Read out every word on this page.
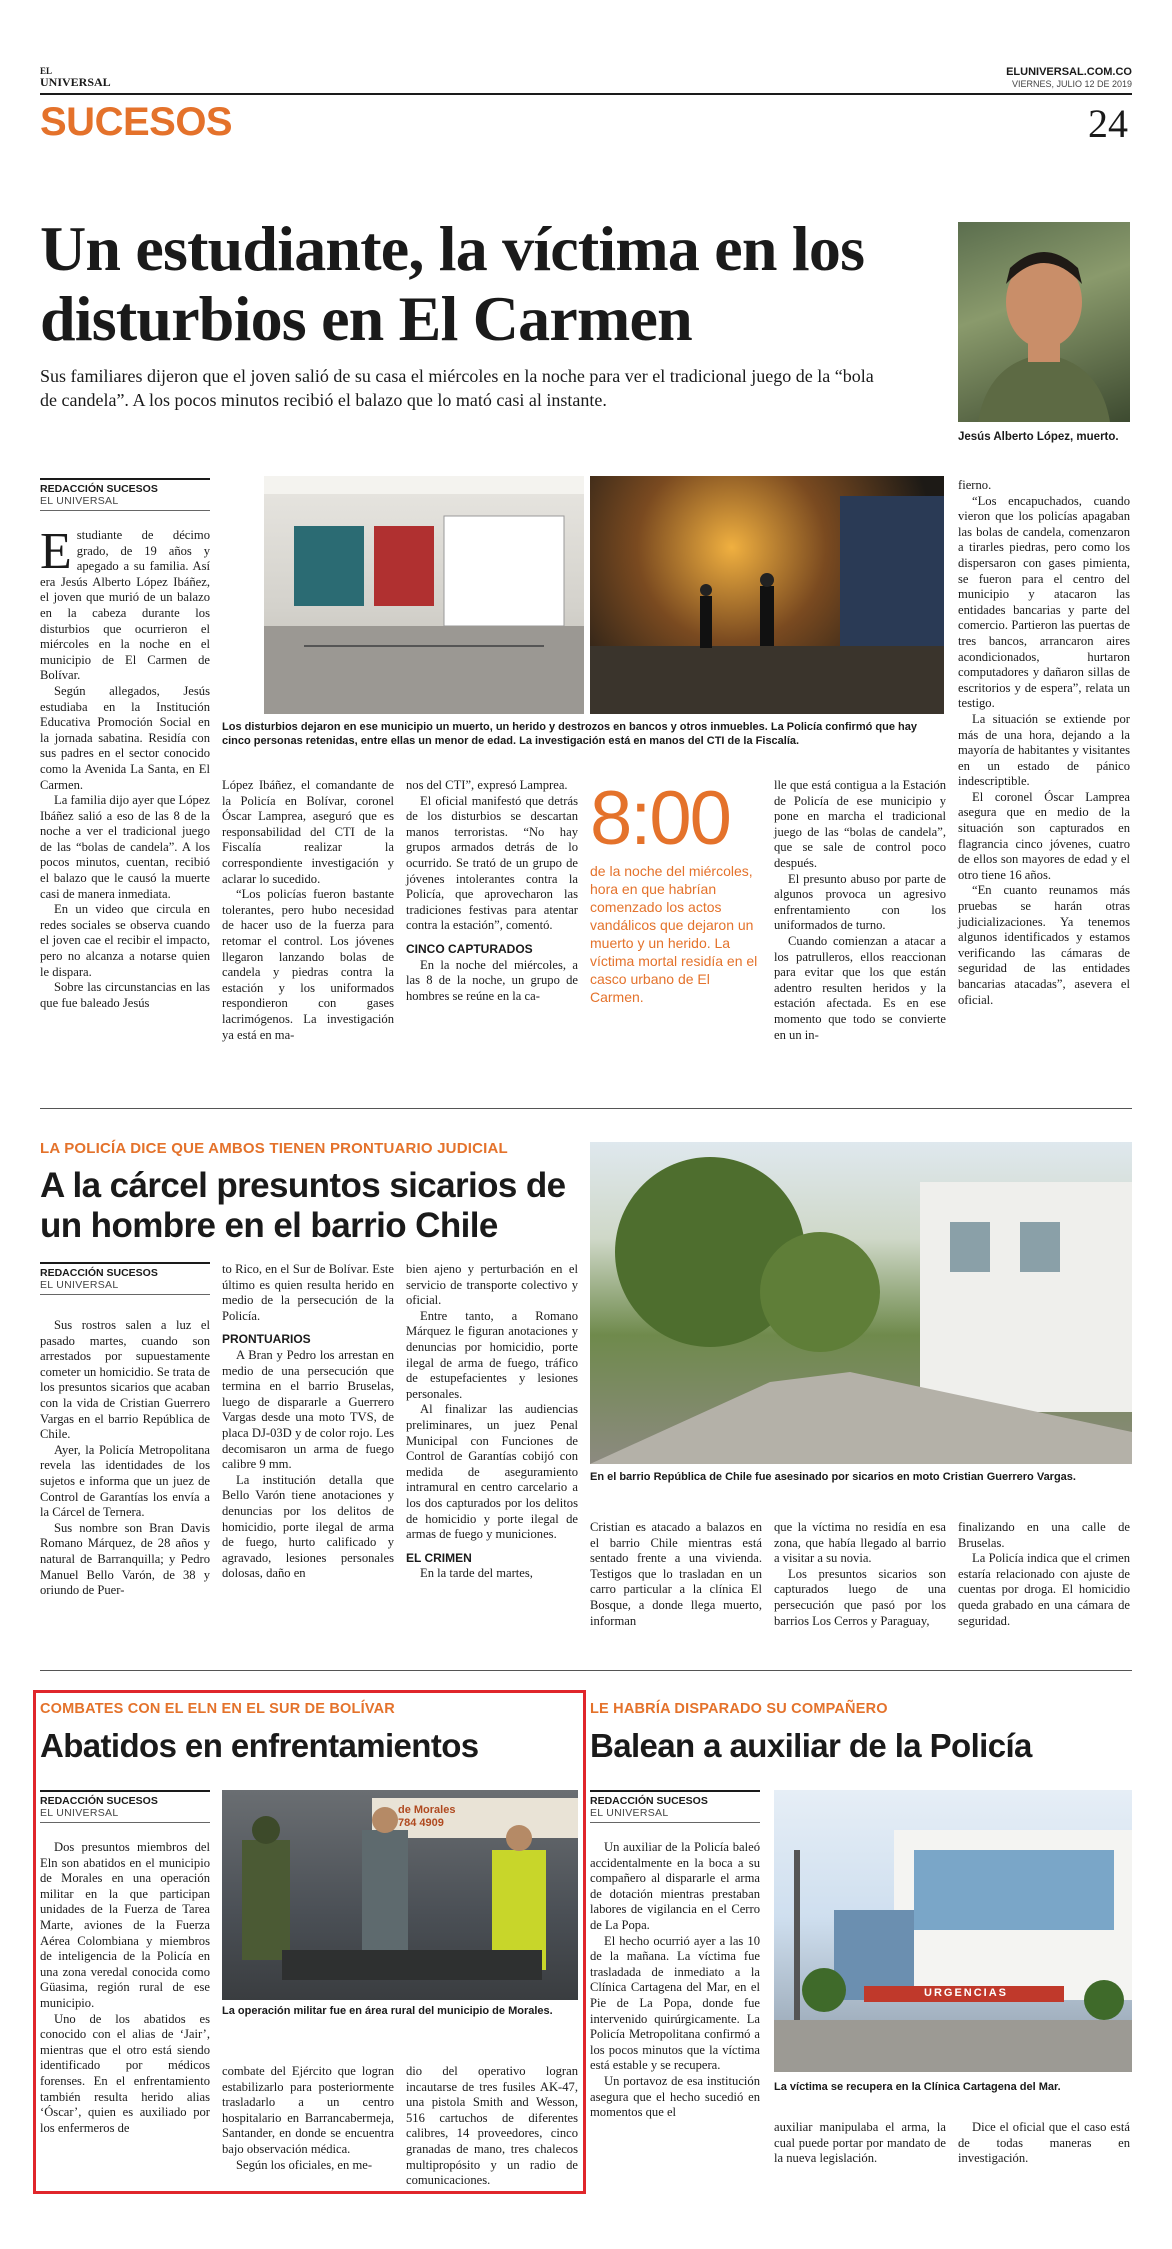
EL
UNIVERSAL
ELUNIVERSAL.COM.CO
VIERNES, JULIO 12 DE 2019
SUCESOS	24
Un estudiante, la víctima en los disturbios en El Carmen
Sus familiares dijeron que el joven salió de su casa el miércoles en la noche para ver el tradicional juego de la “bola de candela”. A los pocos minutos recibió el balazo que lo mató casi al instante.
Jesús Alberto López, muerto.
REDACCIÓN SUCESOS
EL UNIVERSAL
Los disturbios dejaron en ese municipio un muerto, un herido y destrozos en bancos y otros inmuebles. La Policía confirmó que hay cinco personas retenidas, entre ellas un menor de edad. La investigación está en manos del CTI de la Fiscalía.

Estudiante de décimo grado, de 19 años y apegado a su familia. Así era Jesús Alberto López Ibáñez, el joven que murió de un balazo en la cabeza durante los disturbios que ocurrieron el miércoles en la noche en el municipio de El Carmen de Bolívar.

Según allegados, Jesús estudiaba en la Institución Educativa Promoción Social en la jornada sabatina. Residía con sus padres en el sector conocido como la Avenida La Santa, en El Carmen.

La familia dijo ayer que López Ibáñez salió a eso de las 8 de la noche a ver el tradicional juego de las “bolas de candela”. A los pocos minutos, cuentan, recibió el balazo que le causó la muerte casi de manera inmediata.

En un video que circula en redes sociales se observa cuando el joven cae el recibir el impacto, pero no alcanza a notarse quien le dispara.

Sobre las circunstancias en las que fue baleado Jesús

López Ibáñez, el comandante de la Policía en Bolívar, coronel Óscar Lamprea, aseguró que es responsabilidad del CTI de la Fiscalía realizar la correspondiente investigación y aclarar lo sucedido.

“Los policías fueron bastante tolerantes, pero hubo necesidad de hacer uso de la fuerza para retomar el control. Los jóvenes llegaron lanzando bolas de candela y piedras contra la estación y los uniformados respondieron con gases lacrimógenos. La investigación ya está en ma-

nos del CTI”, expresó Lamprea.

El oficial manifestó que detrás de los disturbios se descartan manos terroristas. “No hay grupos armados detrás de lo ocurrido. Se trató de un grupo de jóvenes intolerantes contra la Policía, que aprovecharon las tradiciones festivas para atentar contra la estación”, comentó.

CINCO CAPTURADOS

En la noche del miércoles, a las 8 de la noche, un grupo de hombres se reúne en la ca-

8:00
de la noche del miércoles, hora en que habrían comenzado los actos vandálicos que dejaron un muerto y un herido. La víctima mortal residía en el casco urbano de El Carmen.

lle que está contigua a la Estación de Policía de ese municipio y pone en marcha el tradicional juego de las “bolas de candela”, que se sale de control poco después.

El presunto abuso por parte de algunos provoca un agresivo enfrentamiento con los uniformados de turno.

Cuando comienzan a atacar a los patrulleros, ellos reaccionan para evitar que los que están adentro resulten heridos y la estación afectada. Es en ese momento que todo se convierte en un in-

fierno.

“Los encapuchados, cuando vieron que los policías apagaban las bolas de candela, comenzaron a tirarles piedras, pero como los dispersaron con gases pimienta, se fueron para el centro del municipio y atacaron las entidades bancarias y parte del comercio. Partieron las puertas de tres bancos, arrancaron aires acondicionados, hurtaron computadores y dañaron sillas de escritorios y de espera”, relata un testigo.

La situación se extiende por más de una hora, dejando a la mayoría de habitantes y visitantes en un estado de pánico indescriptible.

El coronel Óscar Lamprea asegura que en medio de la situación son capturados en flagrancia cinco jóvenes, cuatro de ellos son mayores de edad y el otro tiene 16 años.

“En cuanto reunamos más pruebas se harán otras judicializaciones. Ya tenemos algunos identificados y estamos verificando las cámaras de seguridad de las entidades bancarias atacadas”, asevera el oficial.

LA POLICÍA DICE QUE AMBOS TIENEN PRONTUARIO JUDICIAL
A la cárcel presuntos sicarios de un hombre en el barrio Chile
En el barrio República de Chile fue asesinado por sicarios en moto Cristian Guerrero Vargas.
REDACCIÓN SUCESOS
EL UNIVERSAL

Sus rostros salen a luz el pasado martes, cuando son arrestados por supuestamente cometer un homicidio. Se trata de los presuntos sicarios que acaban con la vida de Cristian Guerrero Vargas en el barrio República de Chile.

Ayer, la Policía Metropolitana revela las identidades de los sujetos e informa que un juez de Control de Garantías los envía a la Cárcel de Ternera.

Sus nombre son Bran Davis Romano Márquez, de 28 años y natural de Barranquilla; y Pedro Manuel Bello Varón, de 38 y oriundo de Puer-

to Rico, en el Sur de Bolívar. Este último es quien resulta herido en medio de la persecución de la Policía.

PRONTUARIOS

A Bran y Pedro los arrestan en medio de una persecución que termina en el barrio Bruselas, luego de dispararle a Guerrero Vargas desde una moto TVS, de placa DJ-03D y de color rojo. Les decomisaron un arma de fuego calibre 9 mm.

La institución detalla que Bello Varón tiene anotaciones y denuncias por los delitos de homicidio, porte ilegal de arma de fuego, hurto calificado y agravado, lesiones personales dolosas, daño en

bien ajeno y perturbación en el servicio de transporte colectivo y oficial.

Entre tanto, a Romano Márquez le figuran anotaciones y denuncias por homicidio, porte ilegal de arma de fuego, tráfico de estupefacientes y lesiones personales.

Al finalizar las audiencias preliminares, un juez Penal Municipal con Funciones de Control de Garantías cobijó con medida de aseguramiento intramural en centro carcelario a los dos capturados por los delitos de homicidio y porte ilegal de armas de fuego y municiones.

EL CRIMEN

En la tarde del martes,

Cristian es atacado a balazos en el barrio Chile mientras está sentado frente a una vivienda. Testigos que lo trasladan en un carro particular a la clínica El Bosque, a donde llega muerto, informan

que la víctima no residía en esa zona, que había llegado al barrio a visitar a su novia.

Los presuntos sicarios son capturados luego de una persecución que pasó por los barrios Los Cerros y Paraguay,

finalizando en una calle de Bruselas.

La Policía indica que el crimen estaría relacionado con ajuste de cuentas por droga. El homicidio queda grabado en una cámara de seguridad.

COMBATES CON EL ELN EN EL SUR DE BOLÍVAR
Abatidos en enfrentamientos
REDACCIÓN SUCESOS
EL UNIVERSAL	de Morales
784 4909
La operación militar fue en área rural del municipio de Morales.

Dos presuntos miembros del Eln son abatidos en el municipio de Morales en una operación militar en la que participan unidades de la Fuerza de Tarea Marte, aviones de la Fuerza Aérea Colombiana y miembros de inteligencia de la Policía en una zona veredal conocida como Güasima, región rural de ese municipio.

Uno de los abatidos es conocido con el alias de ‘Jair’, mientras que el otro está siendo identificado por médicos forenses. En el enfrentamiento también resulta herido alias ‘Óscar’, quien es auxiliado por los enfermeros de

combate del Ejército que logran estabilizarlo para posteriormente trasladarlo a un centro hospitalario en Barrancabermeja, Santander, en donde se encuentra bajo observación médica.

Según los oficiales, en me-

dio del operativo logran incautarse de tres fusiles AK-47, una pistola Smith and Wesson, 516 cartuchos de diferentes calibres, 14 proveedores, cinco granadas de mano, tres chalecos multipropósito y un radio de comunicaciones.

LE HABRÍA DISPARADO SU COMPAÑERO
Balean a auxiliar de la Policía
REDACCIÓN SUCESOS
EL UNIVERSAL

Un auxiliar de la Policía baleó accidentalmente en la boca a su compañero al dispararle el arma de dotación mientras prestaban labores de vigilancia en el Cerro de La Popa.

El hecho ocurrió ayer a las 10 de la mañana. La víctima fue trasladada de inmediato a la Clínica Cartagena del Mar, en el Pie de La Popa, donde fue intervenido quirúrgicamente. La Policía Metropolitana confirmó a los pocos minutos que la víctima está estable y se recupera.

Un portavoz de esa institución asegura que el hecho sucedió en momentos que el

URGENCIAS
La víctima se recupera en la Clínica Cartagena del Mar.

auxiliar manipulaba el arma, la cual puede portar por mandato de la nueva legislación.

Dice el oficial que el caso está de todas maneras en investigación.
